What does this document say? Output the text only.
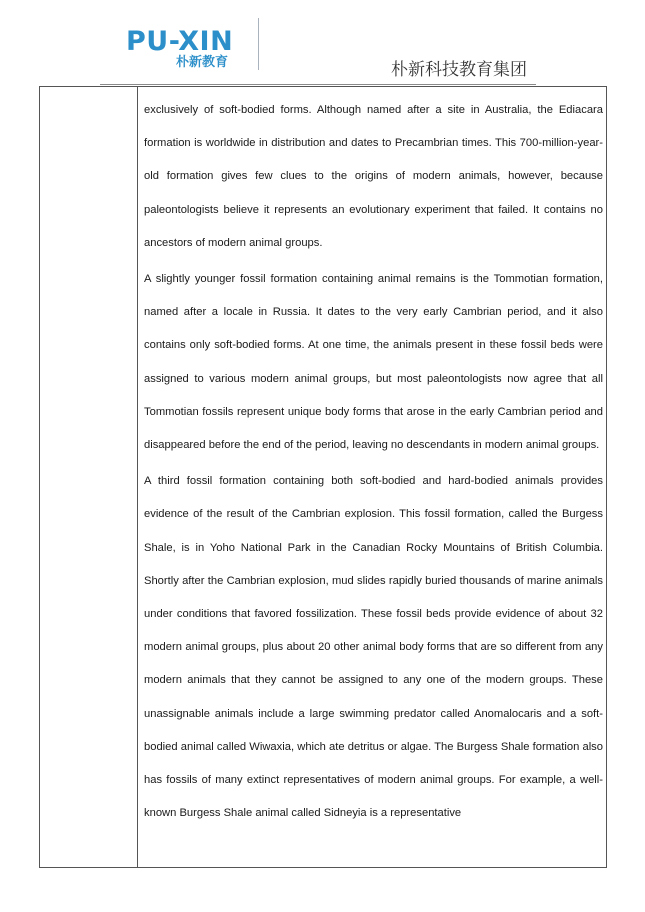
PU-XIN
朴新教育	朴新科技教育集团

exclusively of soft-bodied forms. Although named after a site in Australia, the Ediacara formation is worldwide in distribution and dates to Precambrian times. This 700-million-year-old formation gives few clues to the origins of modern animals, however, because paleontologists believe it represents an evolutionary experiment that failed. It contains no ancestors of modern animal groups.

A slightly younger fossil formation containing animal remains is the Tommotian formation, named after a locale in Russia. It dates to the very early Cambrian period, and it also contains only soft-bodied forms. At one time, the animals present in these fossil beds were assigned to various modern animal groups, but most paleontologists now agree that all Tommotian fossils represent unique body forms that arose in the early Cambrian period and disappeared before the end of the period, leaving no descendants in modern animal groups.

A third fossil formation containing both soft-bodied and hard-bodied animals provides evidence of the result of the Cambrian explosion. This fossil formation, called the Burgess Shale, is in Yoho National Park in the Canadian Rocky Mountains of British Columbia. Shortly after the Cambrian explosion, mud slides rapidly buried thousands of marine animals under conditions that favored fossilization. These fossil beds provide evidence of about 32 modern animal groups, plus about 20 other animal body forms that are so different from any modern animals that they cannot be assigned to any one of the modern groups. These unassignable animals include a large swimming predator called Anomalocaris and a soft-bodied animal called Wiwaxia, which ate detritus or algae. The Burgess Shale formation also has fossils of many extinct representatives of modern animal groups. For example, a well-known Burgess Shale animal called Sidneyia is a representative
